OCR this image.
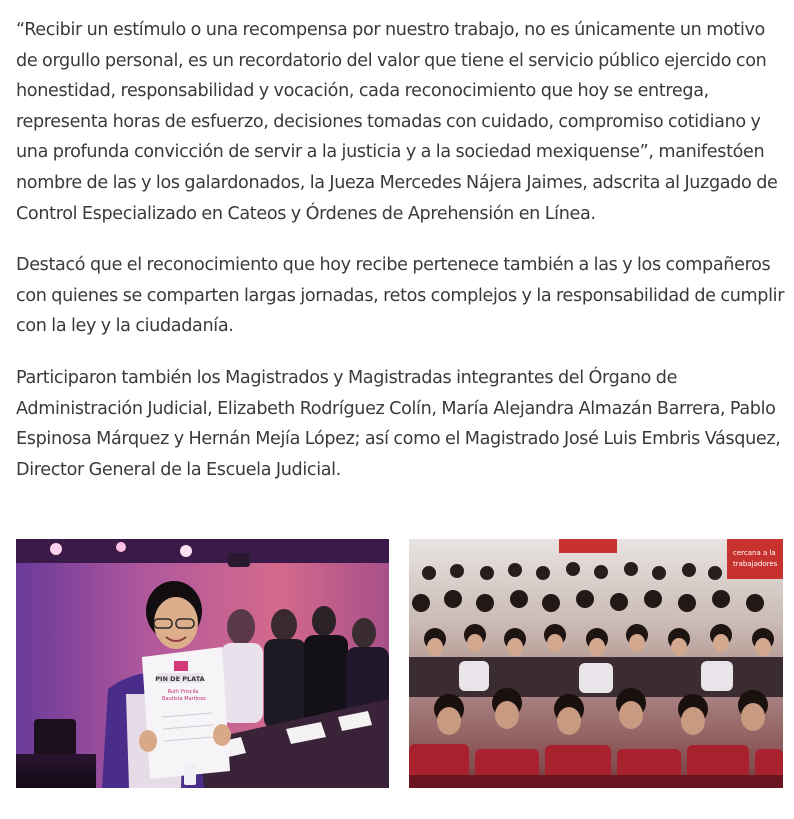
“Recibir un estímulo o una recompensa por nuestro trabajo, no es únicamente un motivo de orgullo personal, es un recordatorio del valor que tiene el servicio público ejercido con honestidad, responsabilidad y vocación, cada reconocimiento que hoy se entrega, representa horas de esfuerzo, decisiones tomadas con cuidado, compromiso cotidiano y una profunda convicción de servir a la justicia y a la sociedad mexiquense”, manifestóen nombre de las y los galardonados, la Jueza Mercedes Nájera Jaimes, adscrita al Juzgado de Control Especializado en Cateos y Órdenes de Aprehensión en Línea.

Destacó que el reconocimiento que hoy recibe pertenece también a las y los compañeros con quienes se comparten largas jornadas, retos complejos y la responsabilidad de cumplir con la ley y la ciudadanía.

Participaron también los Magistrados y Magistradas integrantes del Órgano de Administración Judicial, Elizabeth Rodríguez Colín, María Alejandra Almazán Barrera, Pablo Espinosa Márquez y Hernán Mejía López; así como el Magistrado José Luis Embris Vásquez, Director General de la Escuela Judicial.

PIN DE PLATA
Ruth Priscila
Bautista Martínez
cercana a la
trabajadores
